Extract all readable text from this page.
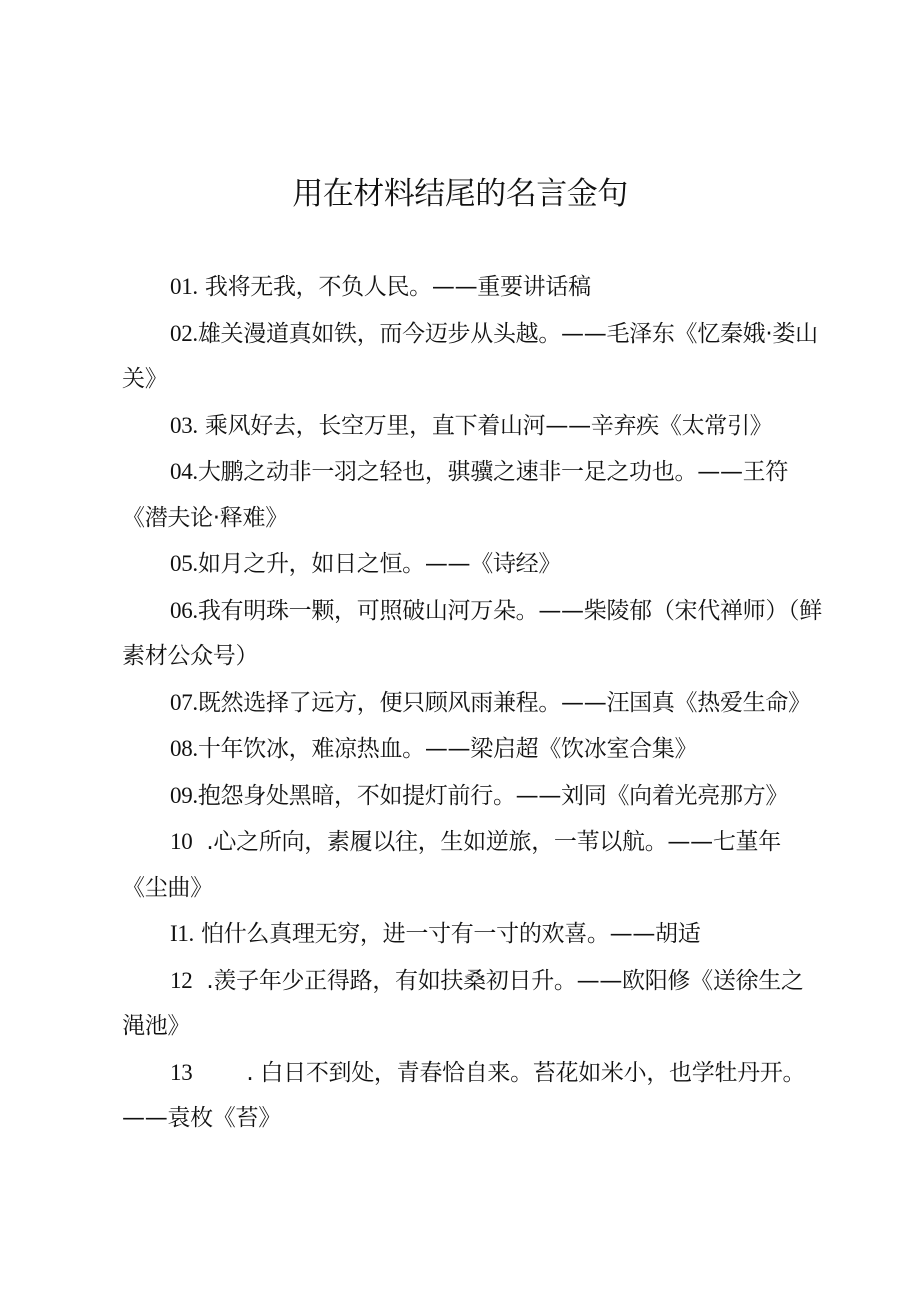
用在材料结尾的名言金句

01. 我将无我，不负人民。——重要讲话稿

02.雄关漫道真如铁，而今迈步从头越。——毛泽东《忆秦娥·娄山关》

03. 乘风好去，长空万里，直下着山河——辛弃疾《太常引》

04.大鹏之动非一羽之轻也，骐骥之速非一足之功也。——王符《潜夫论·释难》

05.如月之升，如日之恒。——《诗经》

06.我有明珠一颗，可照破山河万朵。——柴陵郁（宋代禅师）（鲜素材公众号）

07.既然选择了远方，便只顾风雨兼程。——汪国真《热爱生命》

08.十年饮冰，难凉热血。——梁启超《饮冰室合集》

09.抱怨身处黑暗，不如提灯前行。——刘同《向着光亮那方》

10 .心之所向，素履以往，生如逆旅，一苇以航。——七堇年《尘曲》

I1. 怕什么真理无穷，进一寸有一寸的欢喜。——胡适

12 .羡子年少正得路，有如扶桑初日升。——欧阳修《送徐生之渑池》

13 . 白日不到处，青春恰自来。苔花如米小，也学牡丹开。——袁枚《苔》
